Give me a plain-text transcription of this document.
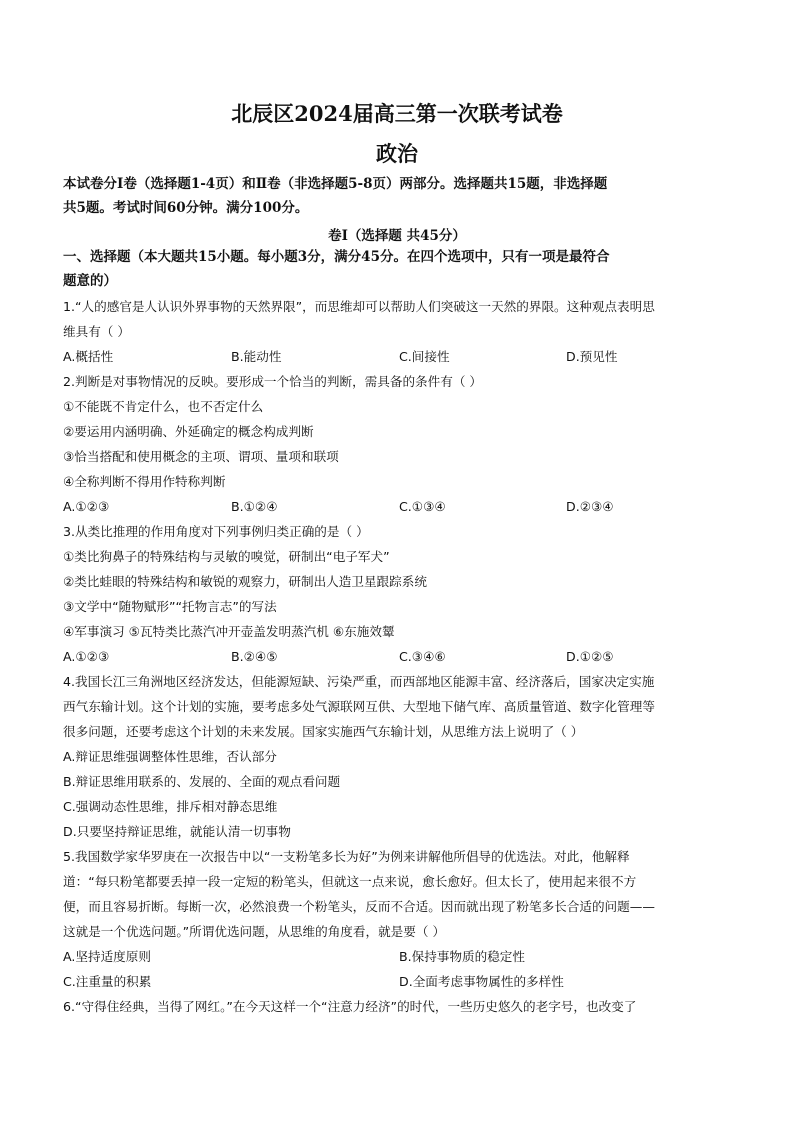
北辰区2024届高三第一次联考试卷
政治
本试卷分Ⅰ卷（选择题1-4页）和Ⅱ卷（非选择题5-8页）两部分。选择题共15题，非选择题
共5题。考试时间60分钟。满分100分。
卷Ⅰ（选择题 共45分）
一、选择题（本大题共15小题。每小题3分，满分45分。在四个选项中，只有一项是最符合
题意的）
1.“人的感官是人认识外界事物的天然界限”，而思维却可以帮助人们突破这一天然的界限。这种观点表明思
维具有（ ）
A.概括性	B.能动性	C.间接性	D.预见性
2.判断是对事物情况的反映。要形成一个恰当的判断，需具备的条件有（ ）
①不能既不肯定什么，也不否定什么
②要运用内涵明确、外延确定的概念构成判断
③恰当搭配和使用概念的主项、谓项、量项和联项
④全称判断不得用作特称判断
A.①②③	B.①②④	C.①③④	D.②③④
3.从类比推理的作用角度对下列事例归类正确的是（ ）
①类比狗鼻子的特殊结构与灵敏的嗅觉，研制出“电子军犬”
②类比蛙眼的特殊结构和敏锐的观察力，研制出人造卫星跟踪系统
③文学中“随物赋形”“托物言志”的写法
④军事演习 ⑤瓦特类比蒸汽冲开壶盖发明蒸汽机 ⑥东施效颦
A.①②③	B.②④⑤	C.③④⑥	D.①②⑤
4.我国长江三角洲地区经济发达，但能源短缺、污染严重，而西部地区能源丰富、经济落后，国家决定实施
西气东输计划。这个计划的实施，要考虑多处气源联网互供、大型地下储气库、高质量管道、数字化管理等
很多问题，还要考虑这个计划的未来发展。国家实施西气东输计划，从思维方法上说明了（ ）
A.辩证思维强调整体性思维，否认部分
B.辩证思维用联系的、发展的、全面的观点看问题
C.强调动态性思维，排斥相对静态思维
D.只要坚持辩证思维，就能认清一切事物
5.我国数学家华罗庚在一次报告中以“一支粉笔多长为好”为例来讲解他所倡导的优选法。对此，他解释
道：“每只粉笔都要丢掉一段一定短的粉笔头，但就这一点来说，愈长愈好。但太长了，使用起来很不方
便，而且容易折断。每断一次，必然浪费一个粉笔头，反而不合适。因而就出现了粉笔多长合适的问题——
这就是一个优选问题。”所谓优选问题，从思维的角度看，就是要（ ）
A.坚持适度原则	B.保持事物质的稳定性
C.注重量的积累	D.全面考虑事物属性的多样性
6.“守得住经典，当得了网红。”在今天这样一个“注意力经济”的时代，一些历史悠久的老字号，也改变了
